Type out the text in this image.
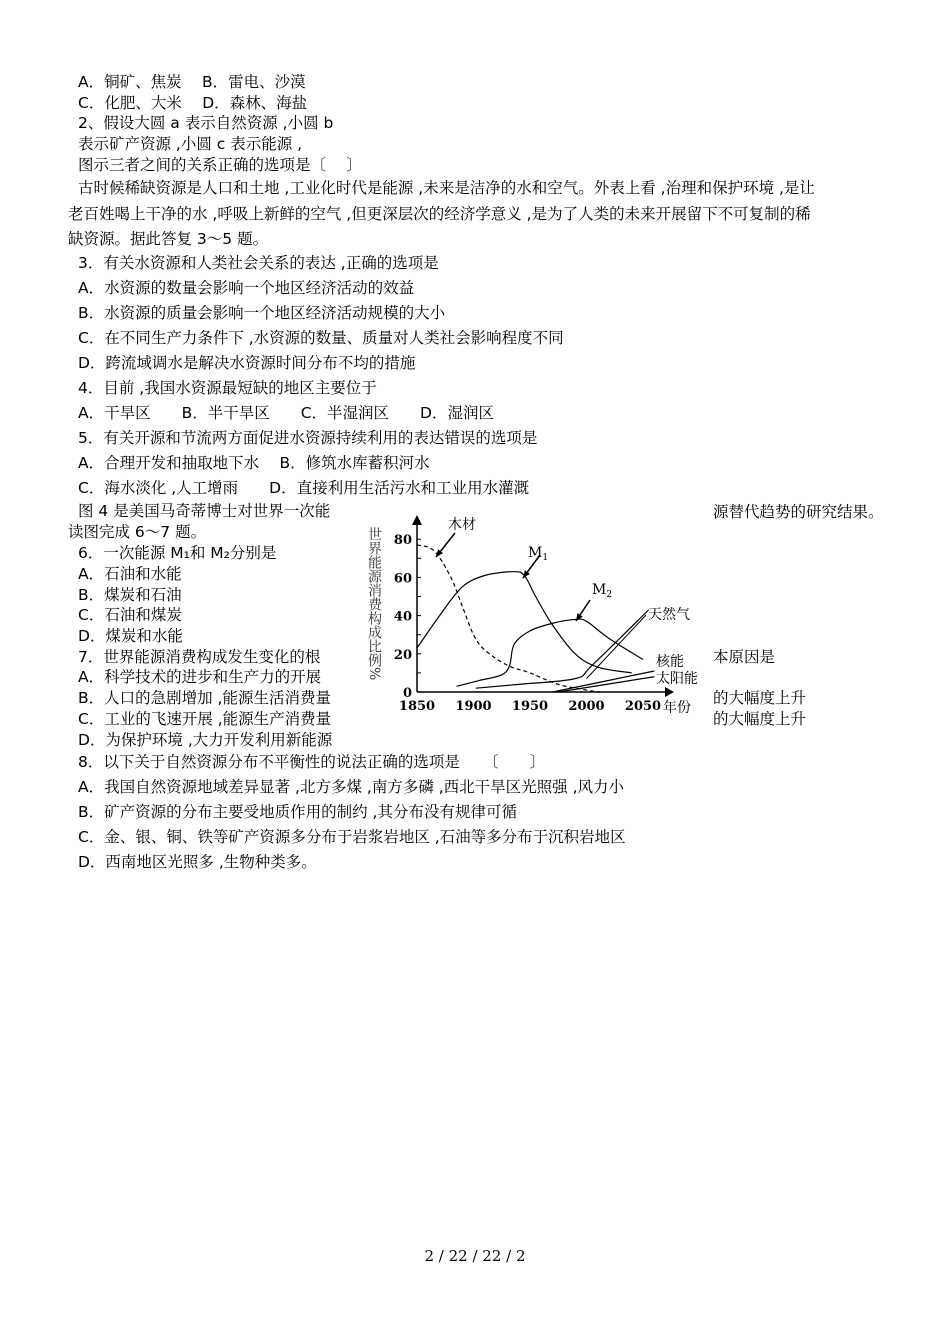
A．铜矿、焦炭　 B．雷电、沙漠
C．化肥、大米　 D．森林、海盐
2、假设大圆 a 表示自然资源 ,小圆 b
表示矿产资源 ,小圆 c 表示能源 ,
图示三者之间的关系正确的选项是〔　 〕
古时候稀缺资源是人口和土地 ,工业化时代是能源 ,未来是洁净的水和空气。外表上看 ,治理和保护环境 ,是让
老百姓喝上干净的水 ,呼吸上新鲜的空气 ,但更深层次的经济学意义 ,是为了人类的未来开展留下不可复制的稀
缺资源。据此答复 3～5 题。
3．有关水资源和人类社会关系的表达 ,正确的选项是
A．水资源的数量会影响一个地区经济活动的效益
B．水资源的质量会影响一个地区经济活动规模的大小
C．在不同生产力条件下 ,水资源的数量、质量对人类社会影响程度不同
D．跨流域调水是解决水资源时间分布不均的措施
4．目前 ,我国水资源最短缺的地区主要位于
A．干旱区　　B．半干旱区　　C．半湿润区　　D．湿润区
5．有关开源和节流两方面促进水资源持续利用的表达错误的选项是
A．合理开发和抽取地下水　 B．修筑水库蓄积河水
C．海水淡化 ,人工增雨　　D．直接利用生活污水和工业用水灌溉
图 4 是美国马奇蒂博士对世界一次能
读图完成 6～7 题。
6．一次能源 M₁和 M₂分别是
A．石油和水能
B．煤炭和石油
C．石油和煤炭
D．煤炭和水能
7．世界能源消费构成发生变化的根
A．科学技术的进步和生产力的开展
B．人口的急剧增加 ,能源生活消费量
C．工业的飞速开展 ,能源生产消费量
D．为保护环境 ,大力开发利用新能源
8．以下关于自然资源分布不平衡性的说法正确的选项是　　〔　　〕
A．我国自然资源地域差异显著 ,北方多煤 ,南方多磷 ,西北干旱区光照强 ,风力小
B．矿产资源的分布主要受地质作用的制约 ,其分布没有规律可循
C．金、银、铜、铁等矿产资源多分布于岩浆岩地区 ,石油等多分布于沉积岩地区
D．西南地区光照多 ,生物种类多。
源替代趋势的研究结果。
本原因是
的大幅度上升
的大幅度上升
0
20
40
60
80
1850 1900 1950 2000 2050 年份
世界能源消费构成比例%
木材
$M_1$
$M_2$
天然气
核能
太阳能
2 / 22 / 22 / 2
